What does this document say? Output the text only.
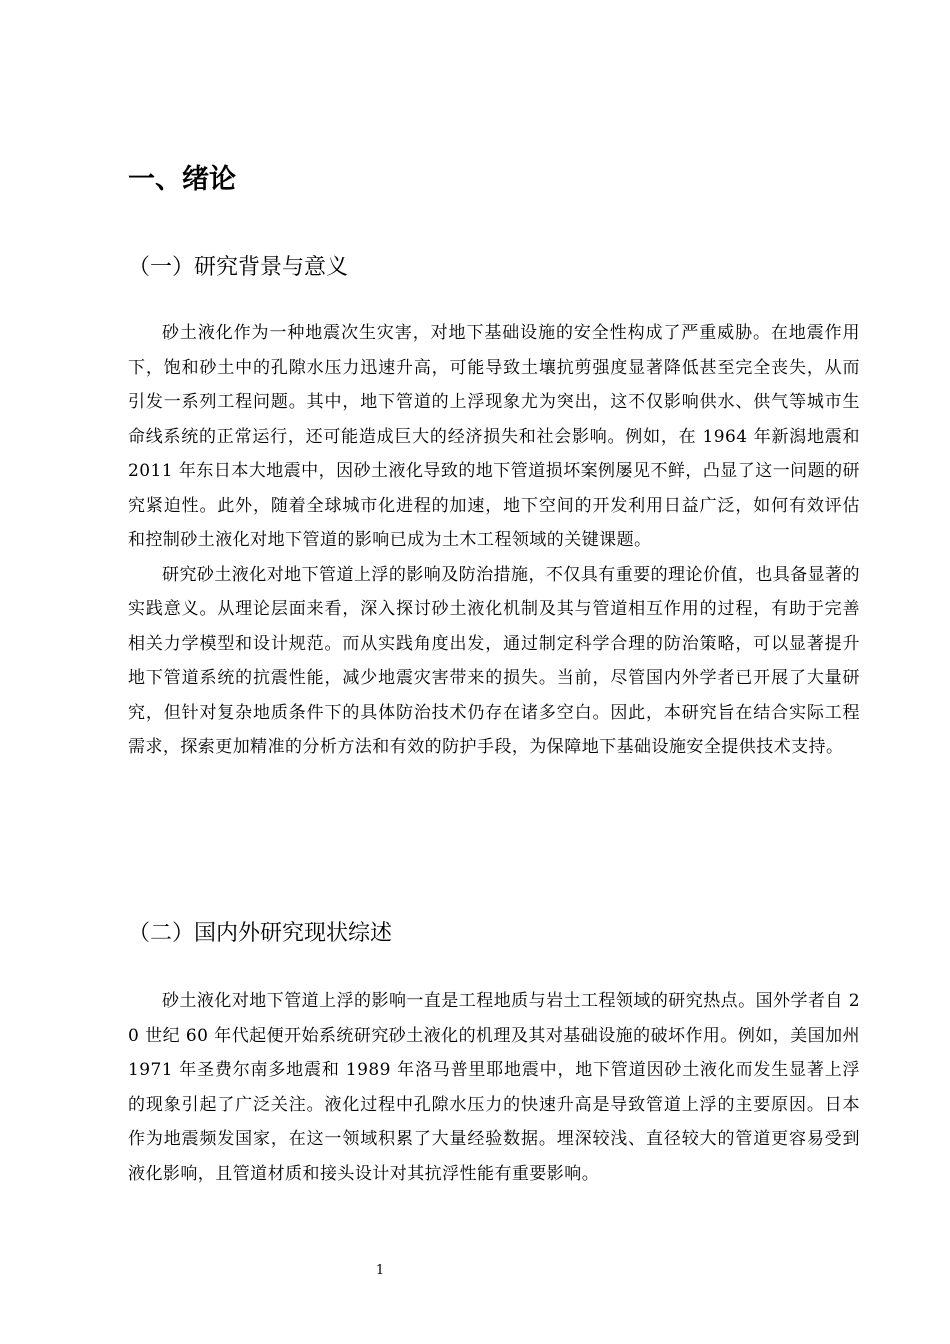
一、绪论
（一）研究背景与意义

砂土液化作为一种地震次生灾害，对地下基础设施的安全性构成了严重威胁。在地震作用下，饱和砂土中的孔隙水压力迅速升高，可能导致土壤抗剪强度显著降低甚至完全丧失，从而引发一系列工程问题。其中，地下管道的上浮现象尤为突出，这不仅影响供水、供气等城市生命线系统的正常运行，还可能造成巨大的经济损失和社会影响。例如，在 1964 年新潟地震和 2011 年东日本大地震中，因砂土液化导致的地下管道损坏案例屡见不鲜，凸显了这一问题的研究紧迫性。此外，随着全球城市化进程的加速，地下空间的开发利用日益广泛，如何有效评估和控制砂土液化对地下管道的影响已成为土木工程领域的关键课题。

研究砂土液化对地下管道上浮的影响及防治措施，不仅具有重要的理论价值，也具备显著的实践意义。从理论层面来看，深入探讨砂土液化机制及其与管道相互作用的过程，有助于完善相关力学模型和设计规范。而从实践角度出发，通过制定科学合理的防治策略，可以显著提升地下管道系统的抗震性能，减少地震灾害带来的损失。当前，尽管国内外学者已开展了大量研究，但针对复杂地质条件下的具体防治技术仍存在诸多空白。因此，本研究旨在结合实际工程需求，探索更加精准的分析方法和有效的防护手段，为保障地下基础设施安全提供技术支持。

（二）国内外研究现状综述

砂土液化对地下管道上浮的影响一直是工程地质与岩土工程领域的研究热点。国外学者自 20 世纪 60 年代起便开始系统研究砂土液化的机理及其对基础设施的破坏作用。例如，美国加州 1971 年圣费尔南多地震和 1989 年洛马普里耶地震中，地下管道因砂土液化而发生显著上浮的现象引起了广泛关注。液化过程中孔隙水压力的快速升高是导致管道上浮的主要原因。日本作为地震频发国家，在这一领域积累了大量经验数据。埋深较浅、直径较大的管道更容易受到液化影响，且管道材质和接头设计对其抗浮性能有重要影响。

1
